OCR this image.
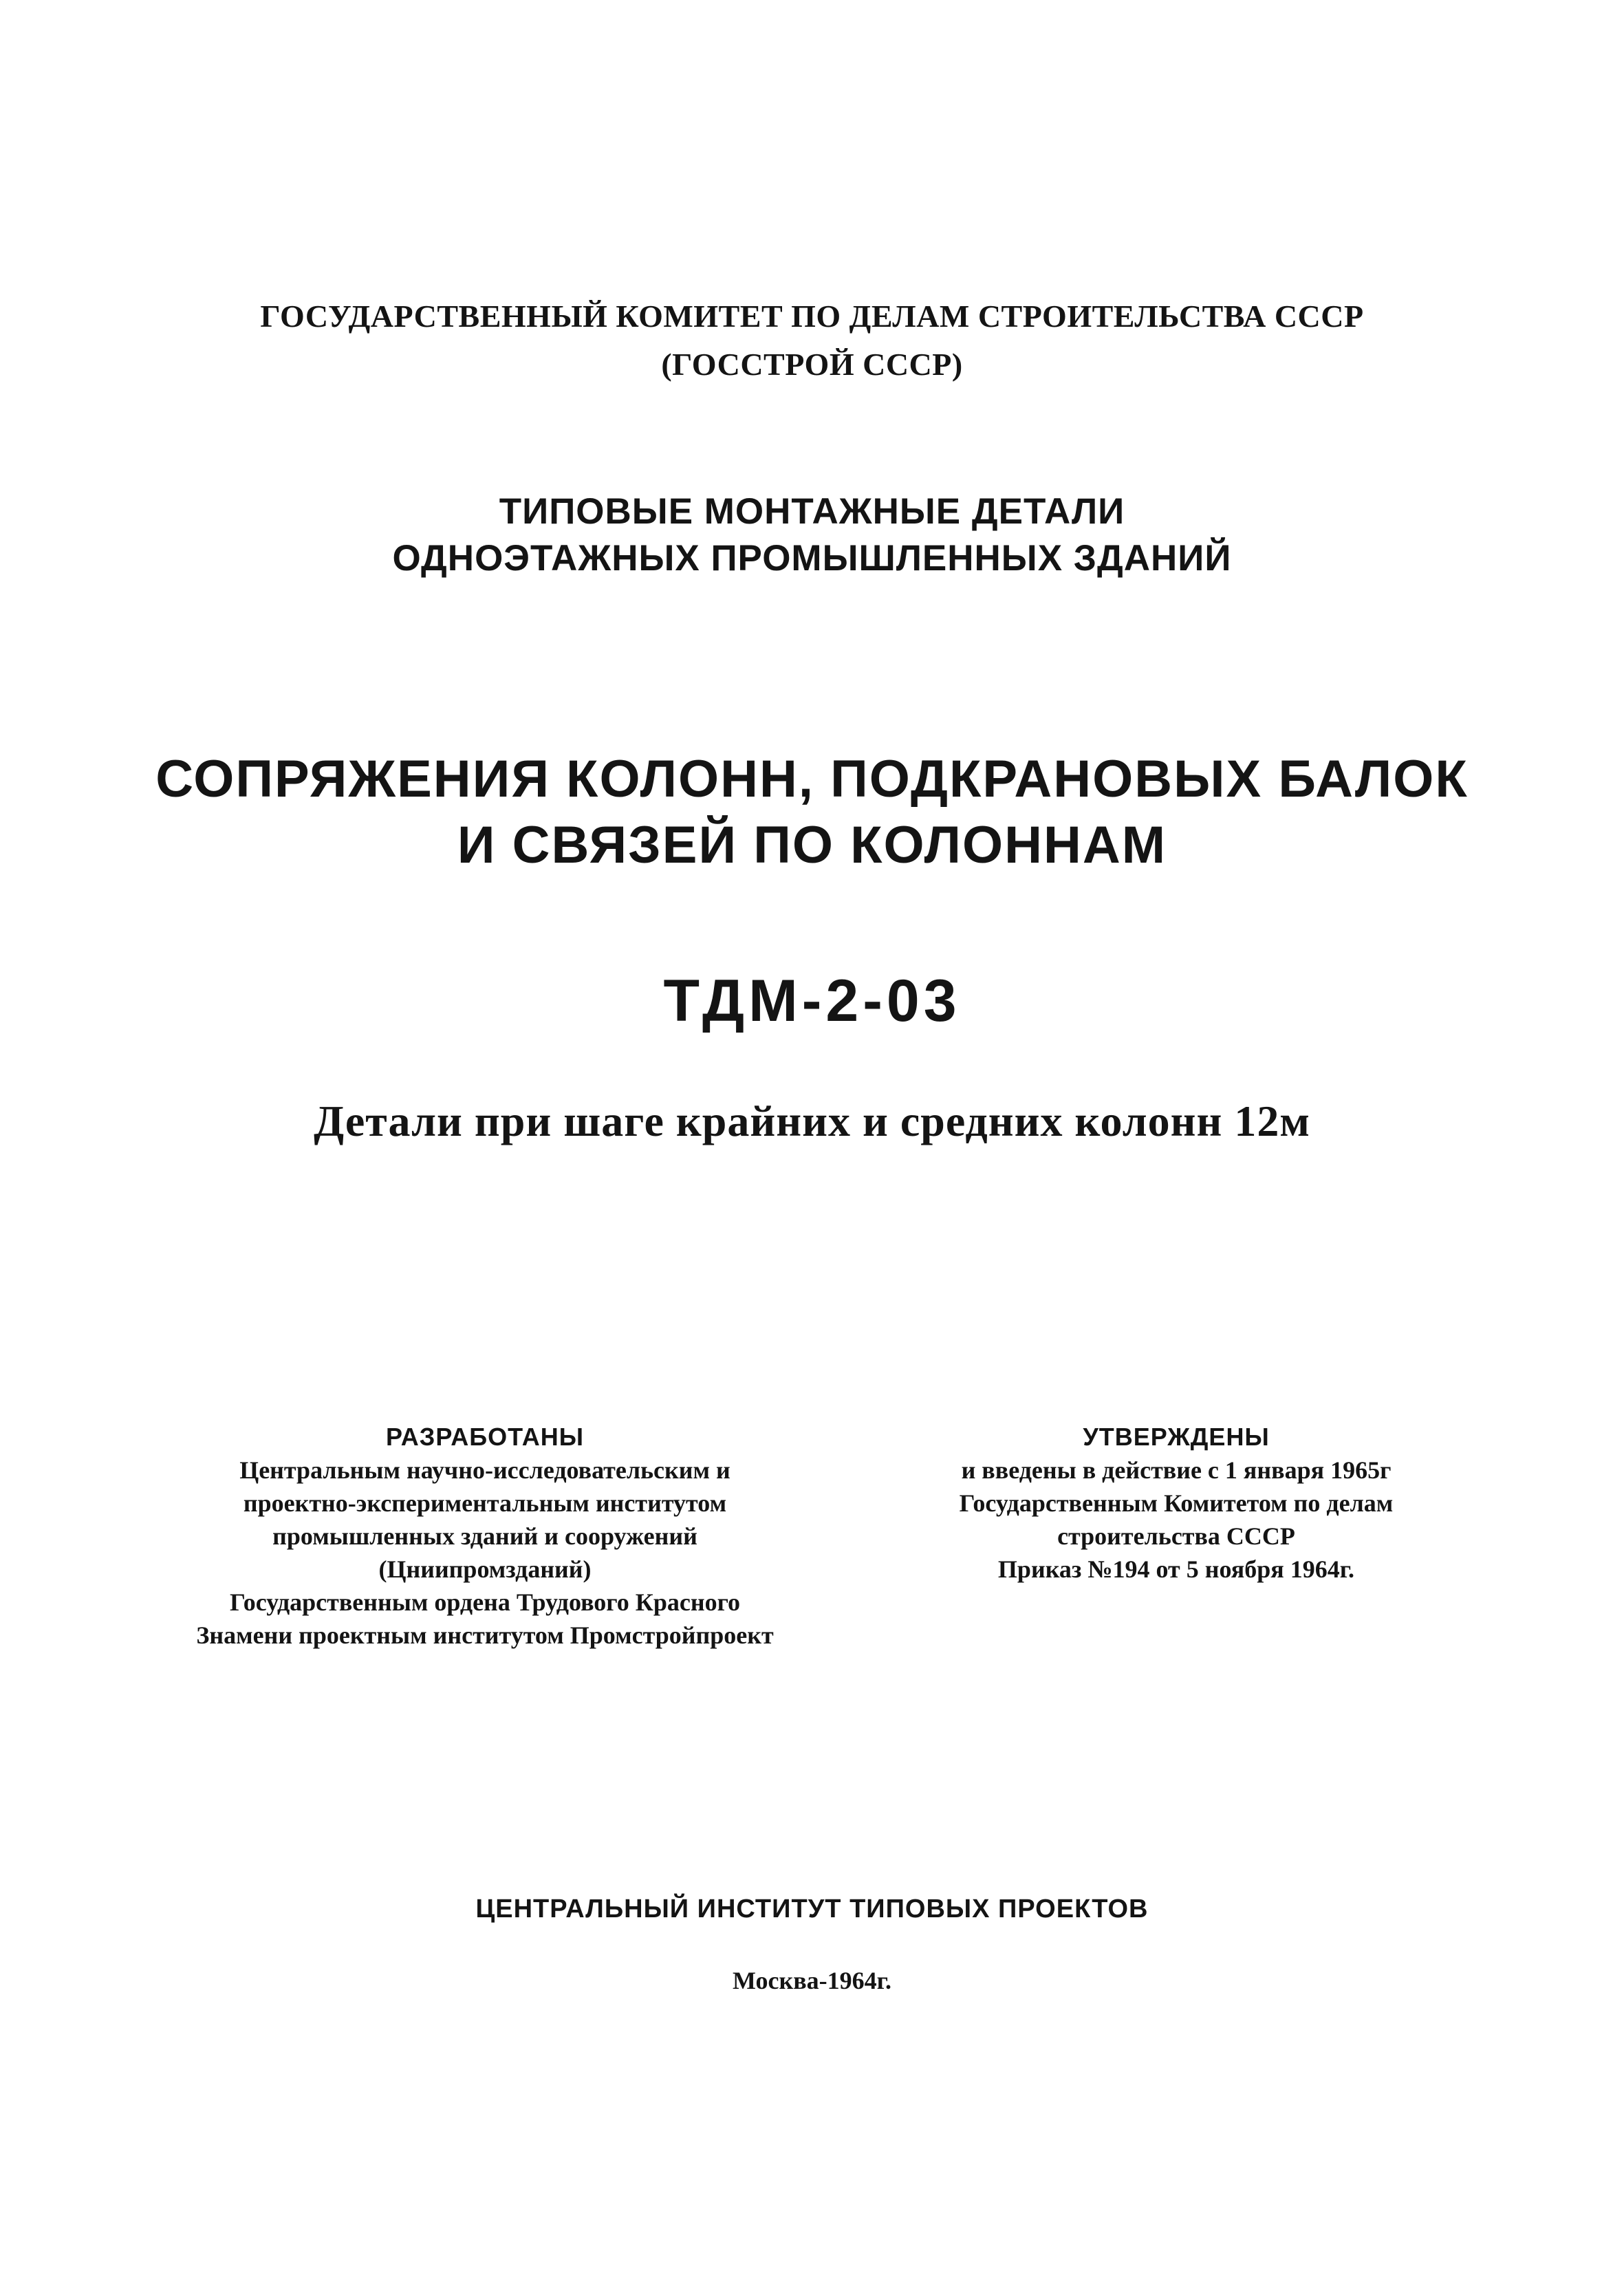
ГОСУДАРСТВЕННЫЙ КОМИТЕТ ПО ДЕЛАМ СТРОИТЕЛЬСТВА СССР
(ГОССТРОЙ СССР)
ТИПОВЫЕ МОНТАЖНЫЕ ДЕТАЛИ
ОДНОЭТАЖНЫХ ПРОМЫШЛЕННЫХ ЗДАНИЙ
СОПРЯЖЕНИЯ КОЛОНН, ПОДКРАНОВЫХ БАЛОК
И СВЯЗЕЙ ПО КОЛОННАМ
ТДМ-2-03
Детали при шаге крайних и средних колонн 12м
РАЗРАБОТАНЫ
Центральным научно-исследовательским и
проектно-экспериментальным институтом
промышленных зданий и сооружений
(Цниипромзданий)
Государственным ордена Трудового Красного
Знамени проектным институтом Промстройпроект
УТВЕРЖДЕНЫ
и введены в действие с 1 января 1965г
Государственным Комитетом по делам
строительства СССР
Приказ №194 от 5 ноября 1964г.
ЦЕНТРАЛЬНЫЙ ИНСТИТУТ ТИПОВЫХ ПРОЕКТОВ
Москва-1964г.
